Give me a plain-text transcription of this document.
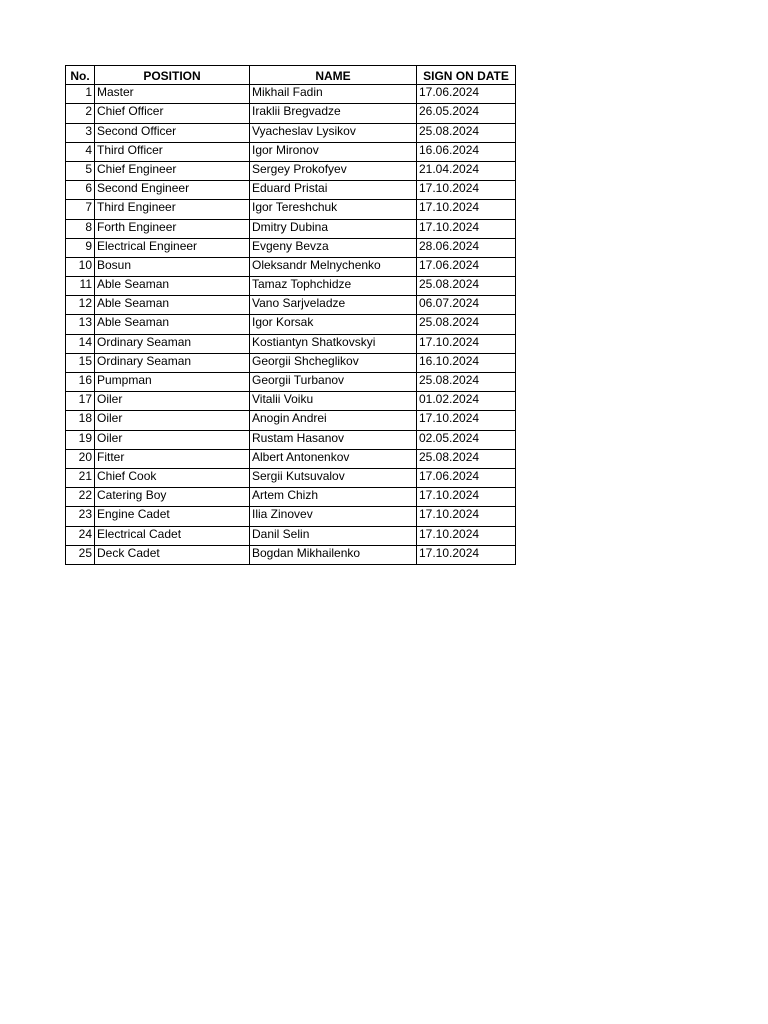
No.	POSITION	NAME	SIGN ON DATE
1	Master	Mikhail Fadin	17.06.2024
2	Chief Officer	Iraklii Bregvadze	26.05.2024
3	Second Officer	Vyacheslav Lysikov	25.08.2024
4	Third Officer	Igor Mironov	16.06.2024
5	Chief Engineer	Sergey Prokofyev	21.04.2024
6	Second Engineer	Eduard Pristai	17.10.2024
7	Third Engineer	Igor Tereshchuk	17.10.2024
8	Forth Engineer	Dmitry Dubina	17.10.2024
9	Electrical Engineer	Evgeny Bevza	28.06.2024
10	Bosun	Oleksandr Melnychenko	17.06.2024
11	Able Seaman	Tamaz Tophchidze	25.08.2024
12	Able Seaman	Vano Sarjveladze	06.07.2024
13	Able Seaman	Igor Korsak	25.08.2024
14	Ordinary Seaman	Kostiantyn Shatkovskyi	17.10.2024
15	Ordinary Seaman	Georgii Shcheglikov	16.10.2024
16	Pumpman	Georgii Turbanov	25.08.2024
17	Oiler	Vitalii Voiku	01.02.2024
18	Oiler	Anogin Andrei	17.10.2024
19	Oiler	Rustam Hasanov	02.05.2024
20	Fitter	Albert Antonenkov	25.08.2024
21	Chief Cook	Sergii Kutsuvalov	17.06.2024
22	Catering Boy	Artem Chizh	17.10.2024
23	Engine Cadet	Ilia Zinovev	17.10.2024
24	Electrical Cadet	Danil Selin	17.10.2024
25	Deck Cadet	Bogdan Mikhailenko	17.10.2024
